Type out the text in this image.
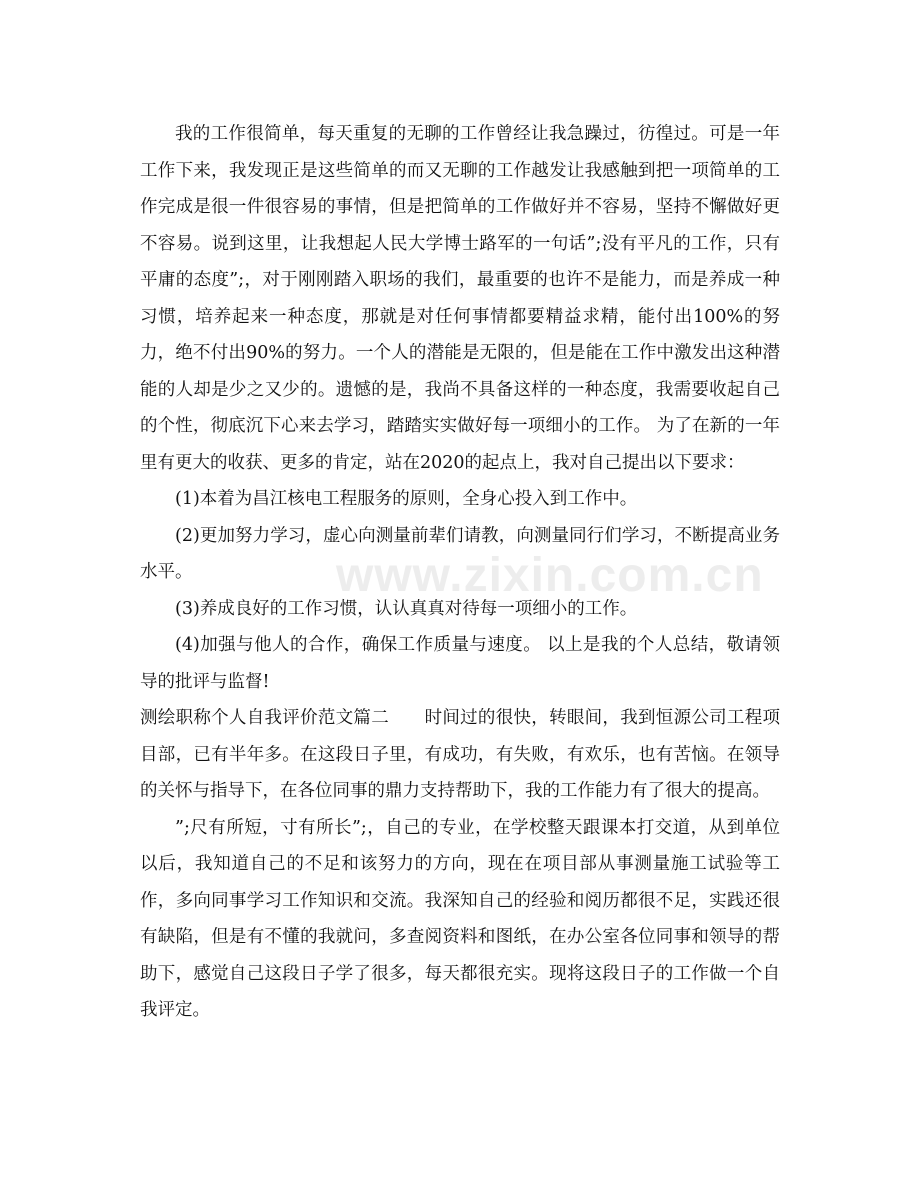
我的工作很简单，每天重复的无聊的工作曾经让我急躁过，彷徨过。可是一年工作下来，我发现正是这些简单的而又无聊的工作越发让我感触到把一项简单的工作完成是很一件很容易的事情，但是把简单的工作做好并不容易，坚持不懈做好更不容易。说到这里，让我想起人民大学博士路军的一句话”;没有平凡的工作，只有平庸的态度”;，对于刚刚踏入职场的我们，最重要的也许不是能力，而是养成一种习惯，培养起来一种态度，那就是对任何事情都要精益求精，能付出100%的努力，绝不付出90%的努力。一个人的潜能是无限的，但是能在工作中激发出这种潜能的人却是少之又少的。遗憾的是，我尚不具备这样的一种态度，我需要收起自己的个性，彻底沉下心来去学习，踏踏实实做好每一项细小的工作。 为了在新的一年里有更大的收获、更多的肯定，站在2020的起点上，我对自己提出以下要求：

(1)本着为昌江核电工程服务的原则，全身心投入到工作中。

(2)更加努力学习，虚心向测量前辈们请教，向测量同行们学习，不断提高业务水平。

(3)养成良好的工作习惯，认认真真对待每一项细小的工作。

(4)加强与他人的合作，确保工作质量与速度。 以上是我的个人总结，敬请领导的批评与监督!

测绘职称个人自我评价范文篇二　　时间过的很快，转眼间，我到恒源公司工程项目部，已有半年多。在这段日子里，有成功，有失败，有欢乐，也有苦恼。在领导的关怀与指导下，在各位同事的鼎力支持帮助下，我的工作能力有了很大的提高。

”;尺有所短，寸有所长”;，自己的专业，在学校整天跟课本打交道，从到单位以后，我知道自己的不足和该努力的方向，现在在项目部从事测量施工试验等工作，多向同事学习工作知识和交流。我深知自己的经验和阅历都很不足，实践还很有缺陷，但是有不懂的我就问，多查阅资料和图纸，在办公室各位同事和领导的帮助下，感觉自己这段日子学了很多，每天都很充实。现将这段日子的工作做一个自我评定。

www.zixin.com.cn
